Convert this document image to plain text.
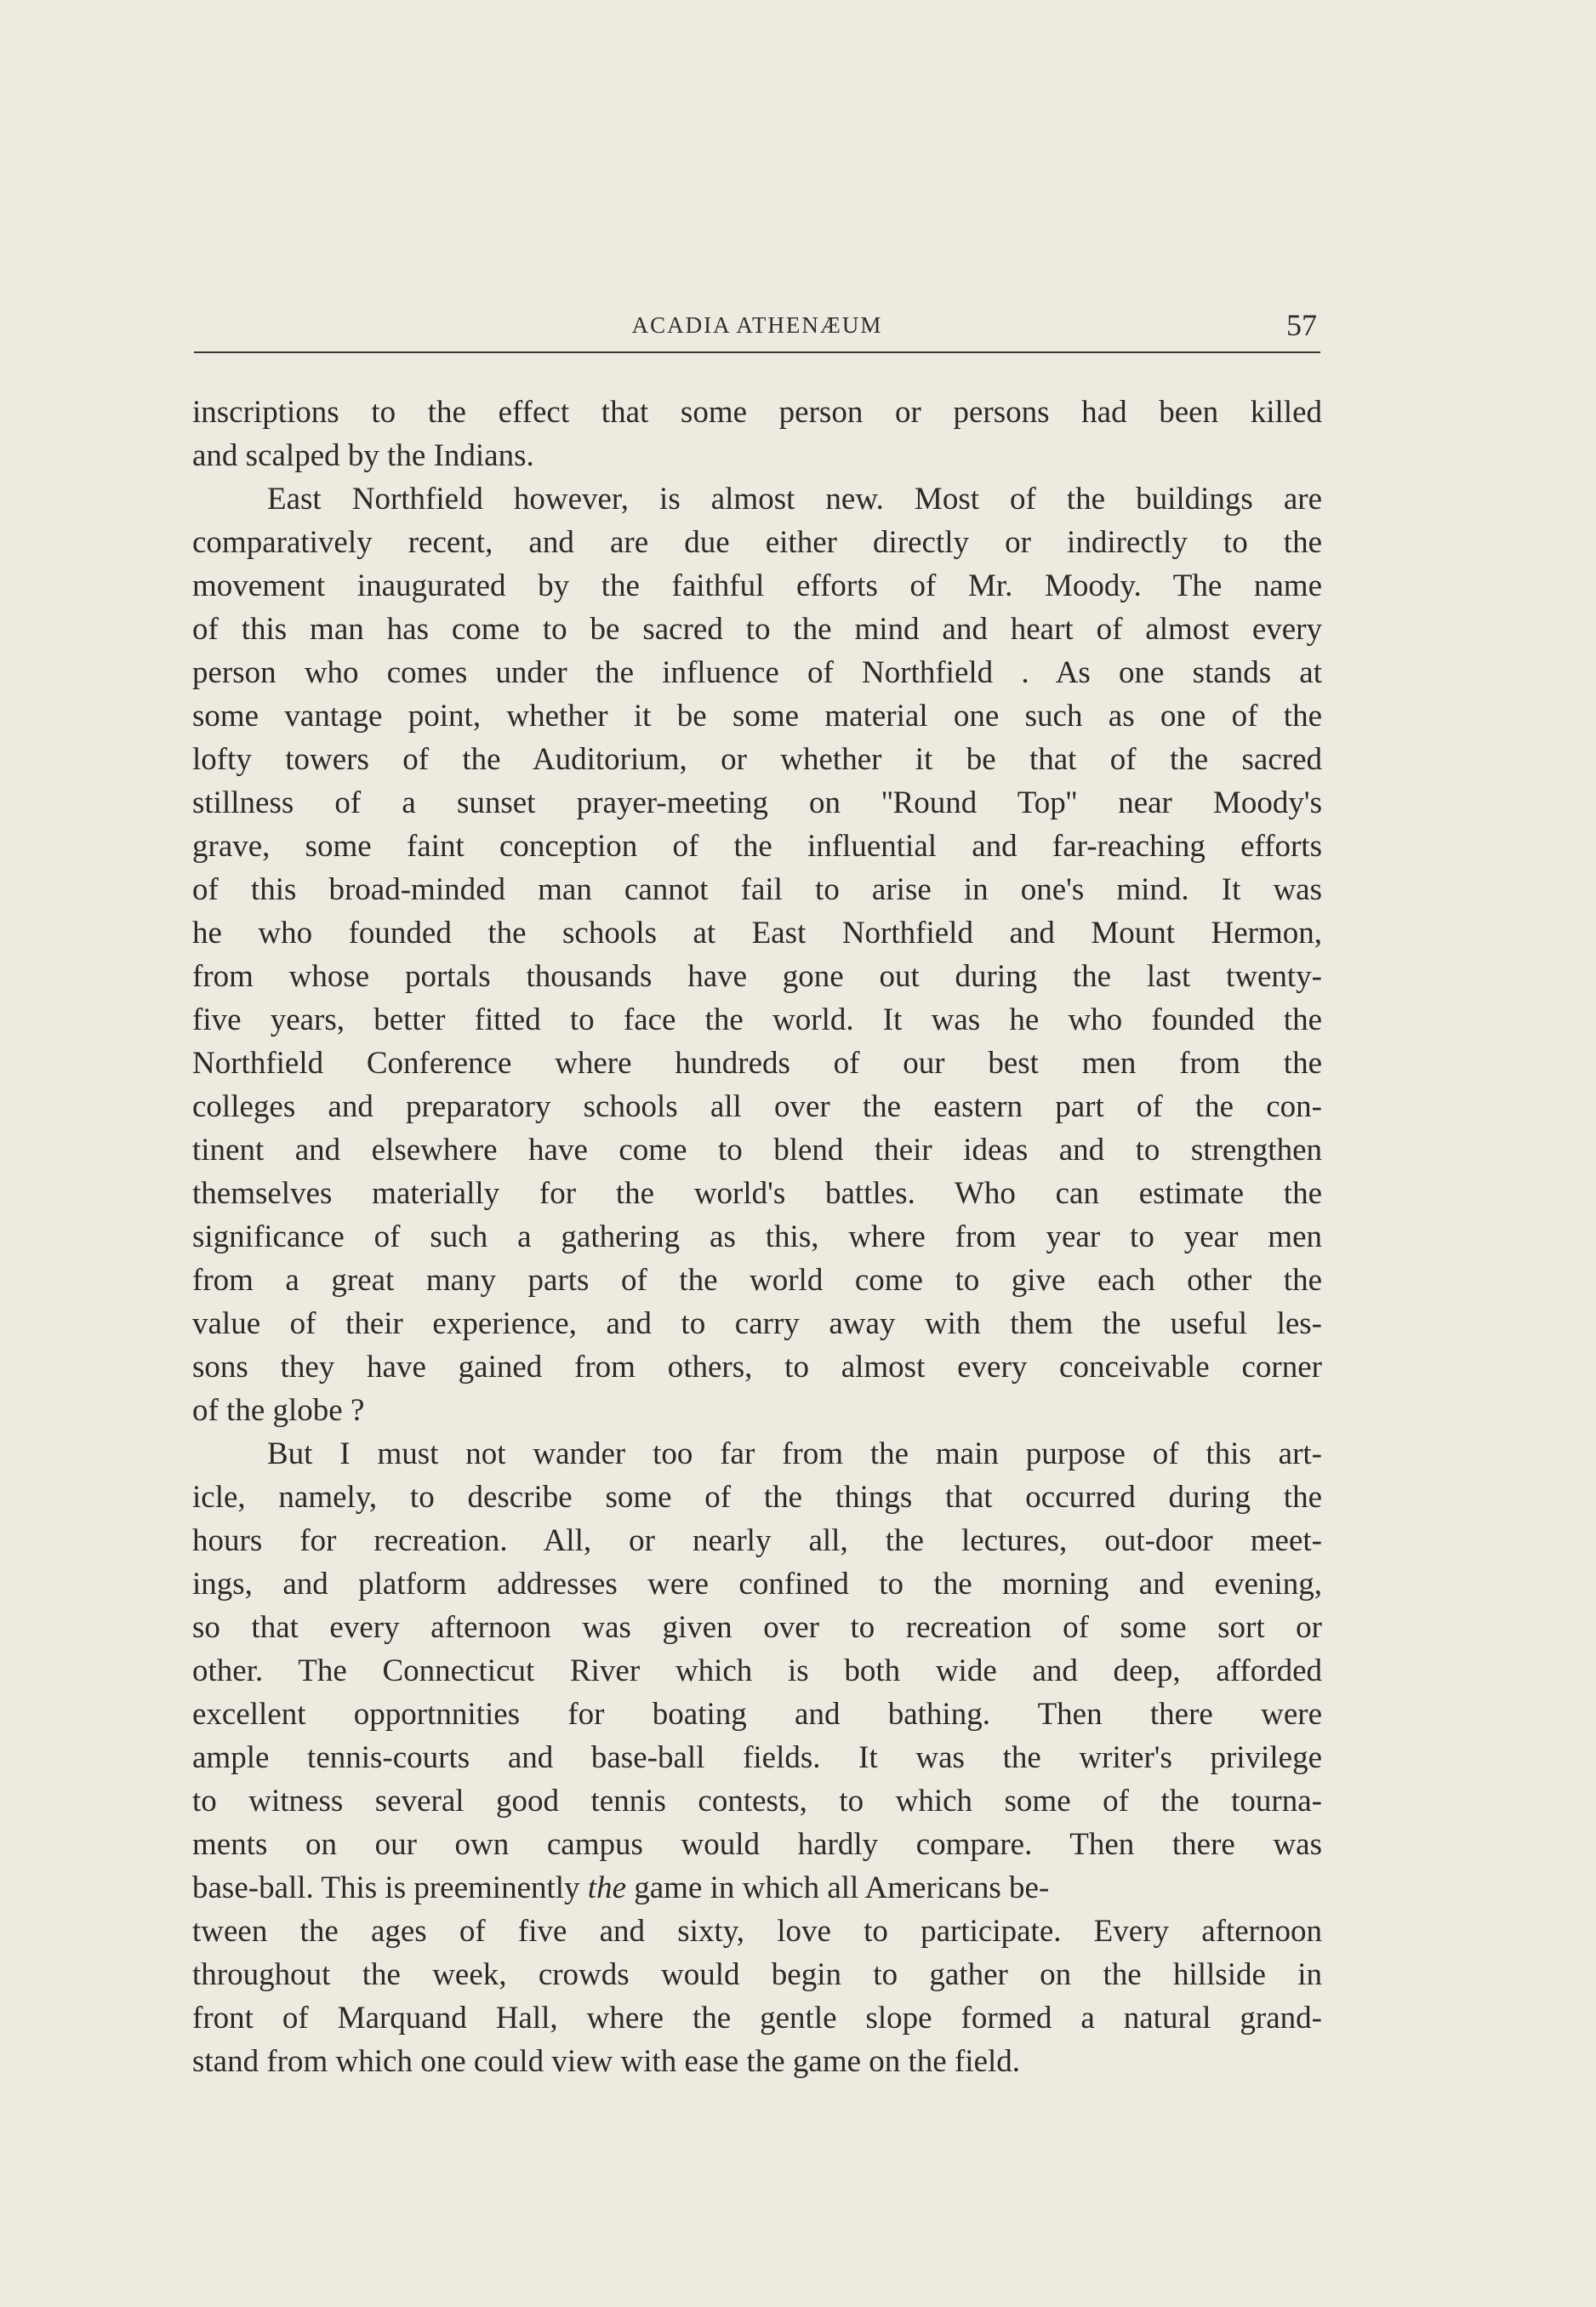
ACADIA ATHENÆUM	57
inscriptions to the effect that some person or persons had been killed
and scalped by the Indians.
East Northfield however, is almost new. Most of the buildings are
comparatively recent, and are due either directly or indirectly to the
movement inaugurated by the faithful efforts of Mr. Moody. The name
of this man has come to be sacred to the mind and heart of almost every
person who comes under the influence of Northfield . As one stands at
some vantage point, whether it be some material one such as one of the
lofty towers of the Auditorium, or whether it be that of the sacred
stillness of a sunset prayer-meeting on ''Round Top'' near Moody's
grave, some faint conception of the influential and far-reaching efforts
of this broad-minded man cannot fail to arise in one's mind. It was
he who founded the schools at East Northfield and Mount Hermon,
from whose portals thousands have gone out during the last twenty-
five years, better fitted to face the world. It was he who founded the
Northfield Conference where hundreds of our best men from the
colleges and preparatory schools all over the eastern part of the con-
tinent and elsewhere have come to blend their ideas and to strengthen
themselves materially for the world's battles. Who can estimate the
significance of such a gathering as this, where from year to year men
from a great many parts of the world come to give each other the
value of their experience, and to carry away with them the useful les-
sons they have gained from others, to almost every conceivable corner
of the globe ?
But I must not wander too far from the main purpose of this art-
icle, namely, to describe some of the things that occurred during the
hours for recreation. All, or nearly all, the lectures, out-door meet-
ings, and platform addresses were confined to the morning and evening,
so that every afternoon was given over to recreation of some sort or
other. The Connecticut River which is both wide and deep, afforded
excellent opportnnities for boating and bathing. Then there were
ample tennis-courts and base-ball fields. It was the writer's privilege
to witness several good tennis contests, to which some of the tourna-
ments on our own campus would hardly compare. Then there was
base-ball. This is preeminently the game in which all Americans be-
tween the ages of five and sixty, love to participate. Every afternoon
throughout the week, crowds would begin to gather on the hillside in
front of Marquand Hall, where the gentle slope formed a natural grand-
stand from which one could view with ease the game on the field.
